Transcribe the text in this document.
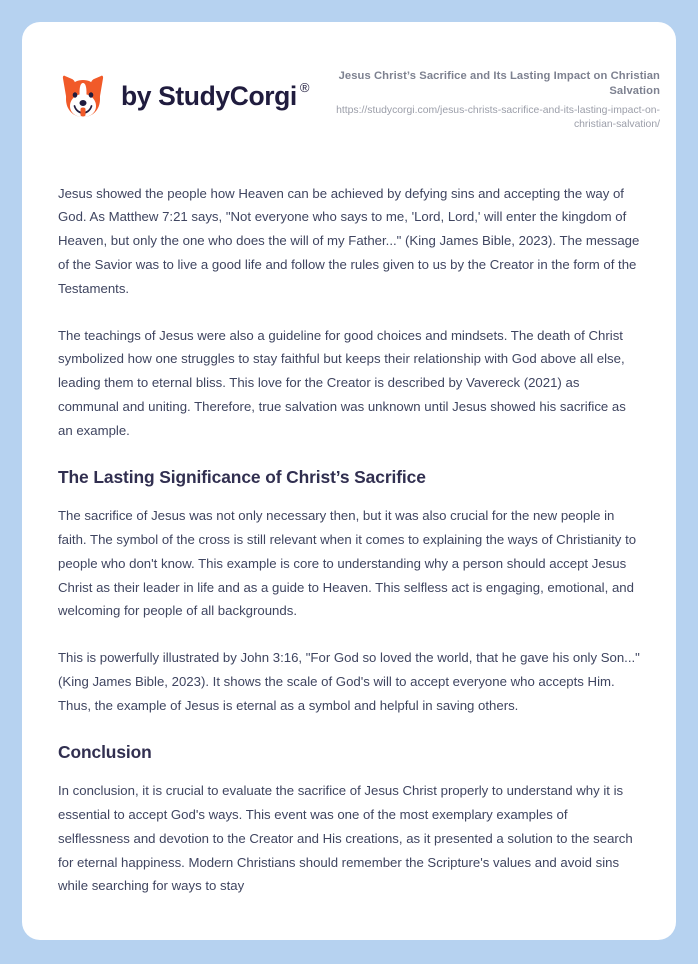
by StudyCorgi ®
Jesus Christ’s Sacrifice and Its Lasting Impact on Christian Salvation
https://studycorgi.com/jesus-christs-sacrifice-and-its-lasting-impact-on-christian-salvation/

Jesus showed the people how Heaven can be achieved by defying sins and accepting the way of God. As Matthew 7:21 says, "Not everyone who says to me, 'Lord, Lord,' will enter the kingdom of Heaven, but only the one who does the will of my Father..." (King James Bible, 2023). The message of the Savior was to live a good life and follow the rules given to us by the Creator in the form of the Testaments.

The teachings of Jesus were also a guideline for good choices and mindsets. The death of Christ symbolized how one struggles to stay faithful but keeps their relationship with God above all else, leading them to eternal bliss. This love for the Creator is described by Vavereck (2021) as communal and uniting. Therefore, true salvation was unknown until Jesus showed his sacrifice as an example.

The Lasting Significance of Christ’s Sacrifice

The sacrifice of Jesus was not only necessary then, but it was also crucial for the new people in faith. The symbol of the cross is still relevant when it comes to explaining the ways of Christianity to people who don't know. This example is core to understanding why a person should accept Jesus Christ as their leader in life and as a guide to Heaven. This selfless act is engaging, emotional, and welcoming for people of all backgrounds.

This is powerfully illustrated by John 3:16, "For God so loved the world, that he gave his only Son..." (King James Bible, 2023). It shows the scale of God's will to accept everyone who accepts Him. Thus, the example of Jesus is eternal as a symbol and helpful in saving others.

Conclusion

In conclusion, it is crucial to evaluate the sacrifice of Jesus Christ properly to understand why it is essential to accept God's ways. This event was one of the most exemplary examples of selflessness and devotion to the Creator and His creations, as it presented a solution to the search for eternal happiness. Modern Christians should remember the Scripture's values and avoid sins while searching for ways to stay
